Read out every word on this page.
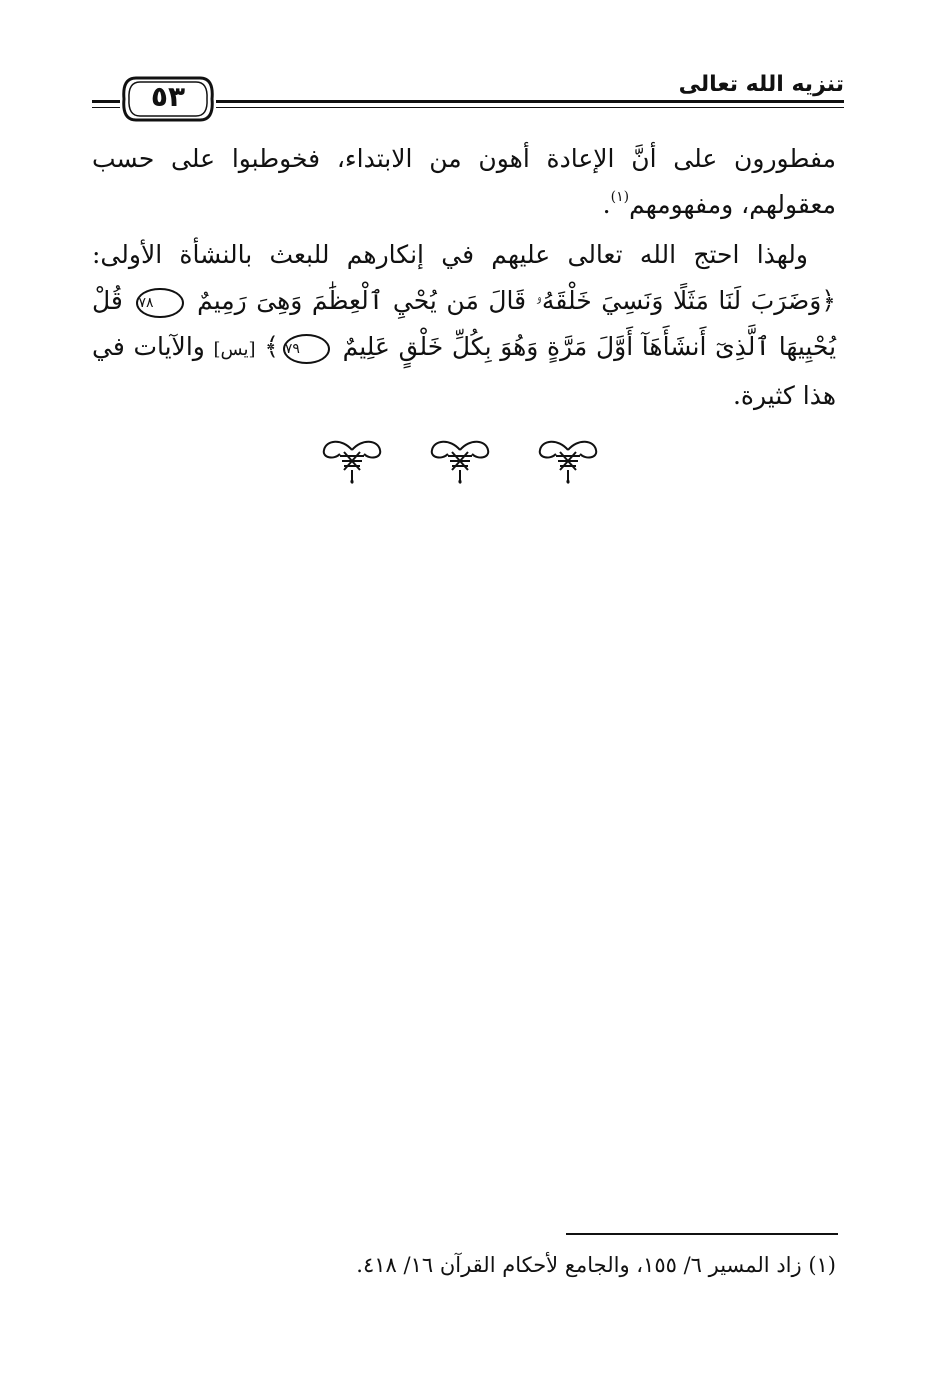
تنزيه الله تعالى
٥٣

مفطورون على أنَّ الإعادة أهون من الابتداء، فخوطبوا على حسب معقولهم، ومفهومهم$^{(١)}$.

ولهذا احتج الله تعالى عليهم في إنكارهم للبعث بالنشأة الأولى: ﴿وَضَرَبَ لَنَا مَثَلًا وَنَسِيَ خَلْقَهُۥ قَالَ مَن يُحْيِ ٱلْعِظَٰمَ وَهِىَ رَمِيمٌ ٧٨ قُلْ يُحْيِيهَا ٱلَّذِىٓ أَنشَأَهَآ أَوَّلَ مَرَّةٍ وَهُوَ بِكُلِّ خَلْقٍ عَلِيمٌ ٧٩﴾ [يس] والآيات في هذا كثيرة.

(١) زاد المسير ٦/ ١٥٥، والجامع لأحكام القرآن ١٦/ ٤١٨.
